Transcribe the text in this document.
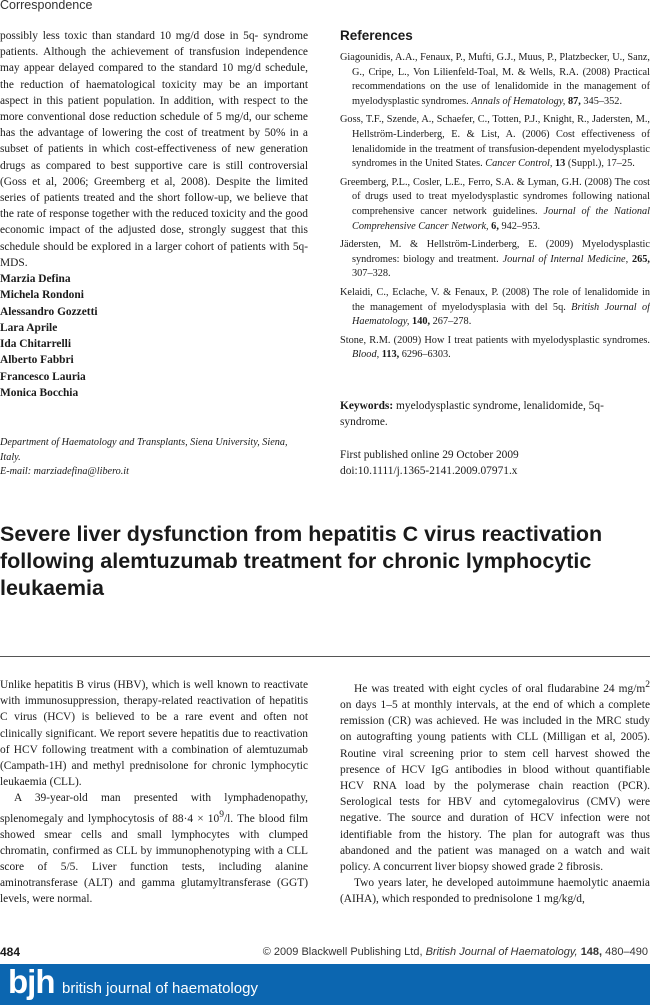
Correspondence
possibly less toxic than standard 10 mg/d dose in 5q- syndrome patients. Although the achievement of transfusion independence may appear delayed compared to the standard 10 mg/d schedule, the reduction of haematological toxicity may be an important aspect in this patient population. In addition, with respect to the more conventional dose reduction schedule of 5 mg/d, our scheme has the advantage of lowering the cost of treatment by 50% in a subset of patients in which cost-effectiveness of new generation drugs as compared to best supportive care is still controversial (Goss et al, 2006; Greemberg et al, 2008). Despite the limited series of patients treated and the short follow-up, we believe that the rate of response together with the reduced toxicity and the good economic impact of the adjusted dose, strongly suggest that this schedule should be explored in a larger cohort of patients with 5q- MDS.
References

Giagounidis, A.A., Fenaux, P., Mufti, G.J., Muus, P., Platzbecker, U., Sanz, G., Cripe, L., Von Lilienfeld-Toal, M. & Wells, R.A. (2008) Practical recommendations on the use of lenalidomide in the management of myelodysplastic syndromes. Annals of Hematology, 87, 345–352.

Goss, T.F., Szende, A., Schaefer, C., Totten, P.J., Knight, R., Jadersten, M., Hellström-Linderberg, E. & List, A. (2006) Cost effectiveness of lenalidomide in the treatment of transfusion-dependent myelodysplastic syndromes in the United States. Cancer Control, 13 (Suppl.), 17–25.

Greemberg, P.L., Cosler, L.E., Ferro, S.A. & Lyman, G.H. (2008) The cost of drugs used to treat myelodysplastic syndromes following national comprehensive cancer network guidelines. Journal of the National Comprehensive Cancer Network, 6, 942–953.

Jädersten, M. & Hellström-Linderberg, E. (2009) Myelodysplastic syndromes: biology and treatment. Journal of Internal Medicine, 265, 307–328.

Kelaidi, C., Eclache, V. & Fenaux, P. (2008) The role of lenalidomide in the management of myelodysplasia with del 5q. British Journal of Haematology, 140, 267–278.

Stone, R.M. (2009) How I treat patients with myelodysplastic syndromes. Blood, 113, 6296–6303.

Marzia Defina
Michela Rondoni
Alessandro Gozzetti
Lara Aprile
Ida Chitarrelli
Alberto Fabbri
Francesco Lauria
Monica Bocchia
Department of Haematology and Transplants, Siena University, Siena, Italy.
E-mail: marziadefina@libero.it
Keywords: myelodysplastic syndrome, lenalidomide, 5q- syndrome.
First published online 29 October 2009
doi:10.1111/j.1365-2141.2009.07971.x
Severe liver dysfunction from hepatitis C virus reactivation following alemtuzumab treatment for chronic lymphocytic leukaemia

Unlike hepatitis B virus (HBV), which is well known to reactivate with immunosuppression, therapy-related reactivation of hepatitis C virus (HCV) is believed to be a rare event and often not clinically significant. We report severe hepatitis due to reactivation of HCV following treatment with a combination of alemtuzumab (Campath-1H) and methyl prednisolone for chronic lymphocytic leukaemia (CLL).

A 39-year-old man presented with lymphadenopathy, splenomegaly and lymphocytosis of $88\cdot 4 \times 10^9/l$. The blood film showed smear cells and small lymphocytes with clumped chromatin, confirmed as CLL by immunophenotyping with a CLL score of 5/5. Liver function tests, including alanine aminotransferase (ALT) and gamma glutamyltransferase (GGT) levels, were normal.

He was treated with eight cycles of oral fludarabine 24 $mg/m^2$ on days 1–5 at monthly intervals, at the end of which a complete remission (CR) was achieved. He was included in the MRC study on autografting young patients with CLL (Milligan et al, 2005). Routine viral screening prior to stem cell harvest showed the presence of HCV IgG antibodies in blood without quantifiable HCV RNA load by the polymerase chain reaction (PCR). Serological tests for HBV and cytomegalovirus (CMV) were negative. The source and duration of HCV infection were not identifiable from the history. The plan for autograft was thus abandoned and the patient was managed on a watch and wait policy. A concurrent liver biopsy showed grade 2 fibrosis.

Two years later, he developed autoimmune haemolytic anaemia (AIHA), which responded to prednisolone 1 mg/kg/d,

484	© 2009 Blackwell Publishing Ltd, British Journal of Haematology, 148, 480–490
bjh british journal of haematology
